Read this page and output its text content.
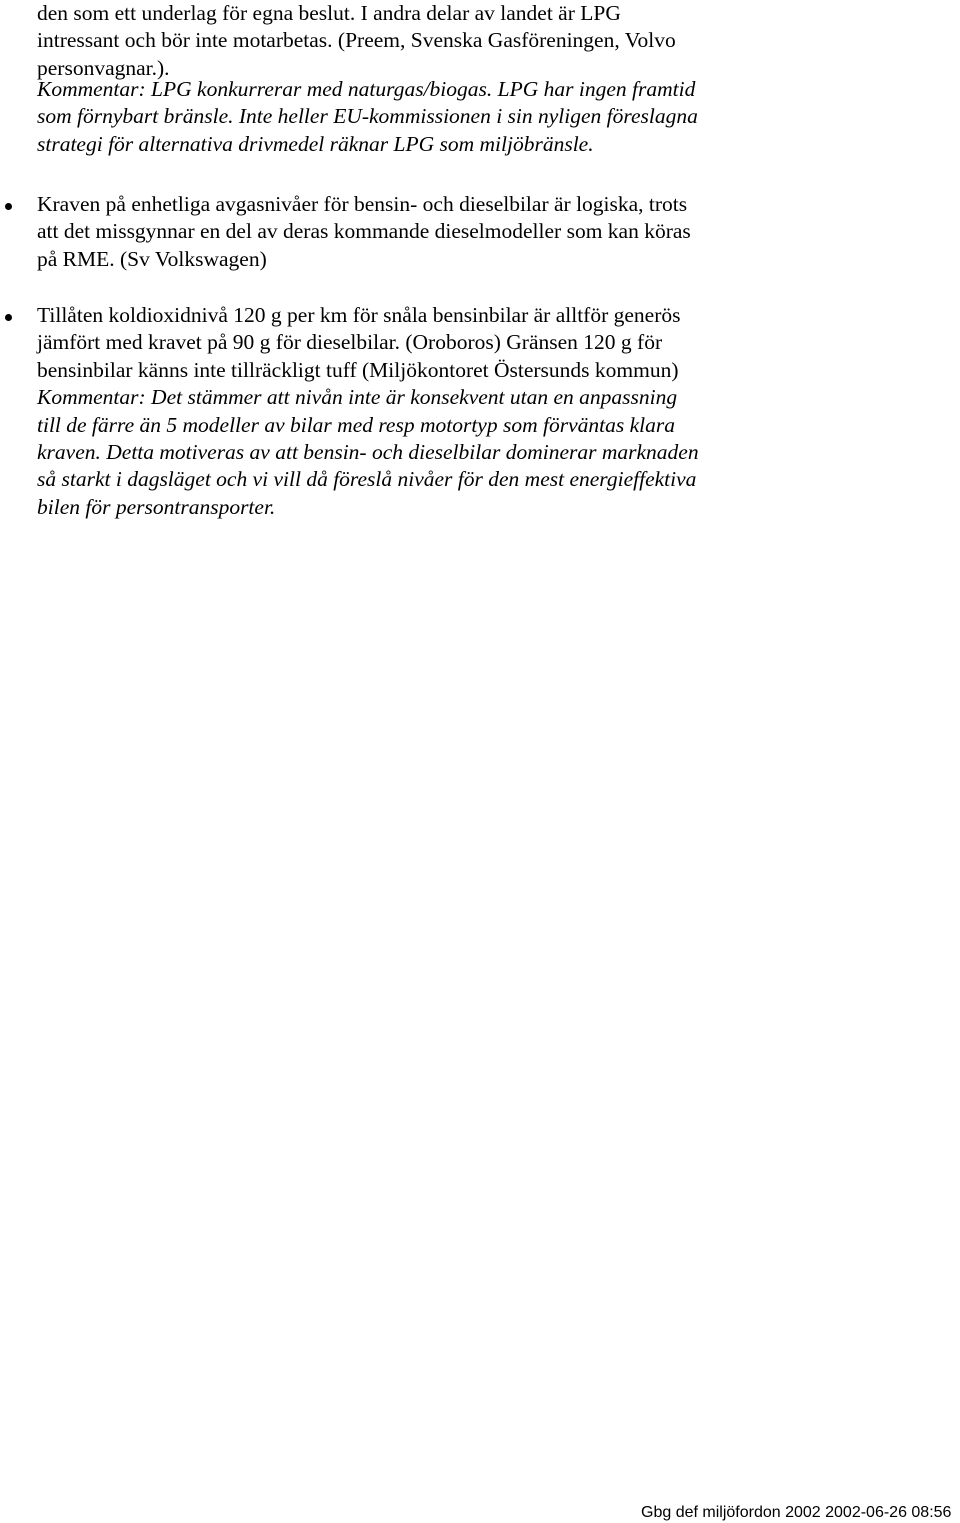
den som ett underlag för egna beslut. I andra delar av landet är LPG
intressant och bör inte motarbetas. (Preem, Svenska Gasföreningen, Volvo
personvagnar.).
Kommentar: LPG konkurrerar med naturgas/biogas. LPG har ingen framtid
som förnybart bränsle. Inte heller EU-kommissionen i sin nyligen föreslagna
strategi för alternativa drivmedel räknar LPG som miljöbränsle.
Kraven på enhetliga avgasnivåer för bensin- och dieselbilar är logiska, trots
att det missgynnar en del av deras kommande dieselmodeller som kan köras
på RME. (Sv Volkswagen)
Tillåten koldioxidnivå 120 g per km för snåla bensinbilar är alltför generös
jämfört med kravet på 90 g för dieselbilar. (Oroboros) Gränsen 120 g för
bensinbilar känns inte tillräckligt tuff (Miljökontoret Östersunds kommun)
Kommentar: Det stämmer att nivån inte är konsekvent utan en anpassning
till de färre än 5 modeller av bilar med resp motortyp som förväntas klara
kraven. Detta motiveras av att bensin- och dieselbilar dominerar marknaden
så starkt i dagsläget och vi vill då föreslå nivåer för den mest energieffektiva
bilen för persontransporter.
Gbg def miljöfordon 2002 2002-06-26 08:56
